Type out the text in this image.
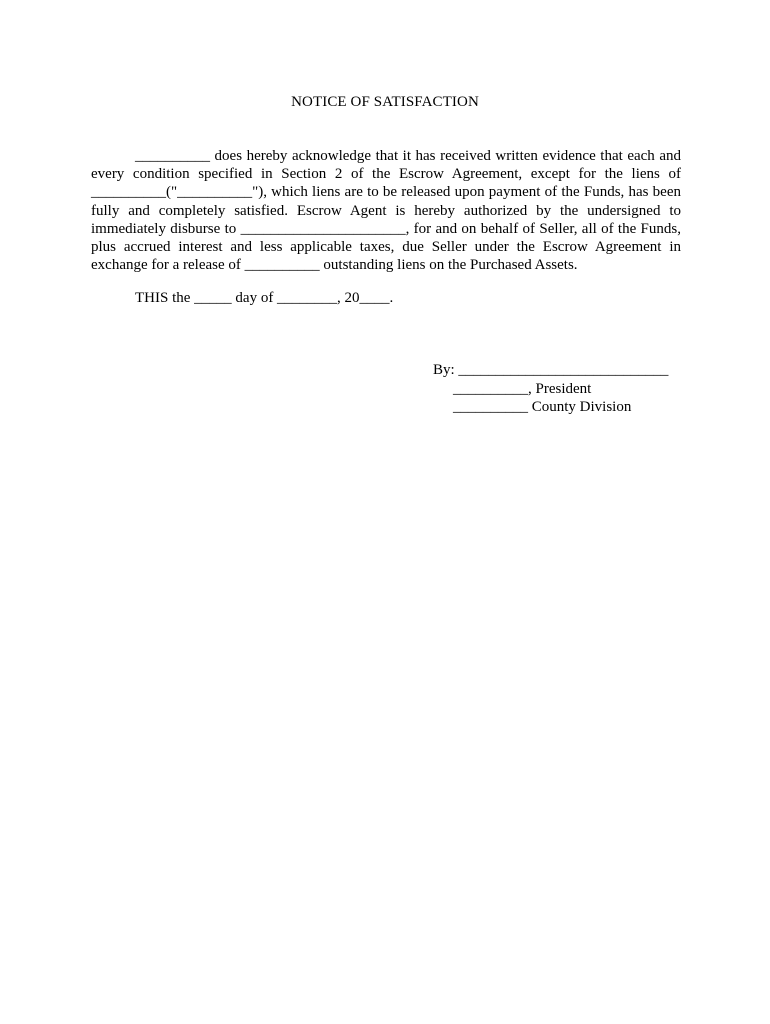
NOTICE OF SATISFACTION
__________ does hereby acknowledge that it has received written evidence that each and
every condition specified in Section 2 of the Escrow Agreement, except for the liens of
__________("__________"), which liens are to be released upon payment of the Funds, has been
fully and completely satisfied. Escrow Agent is hereby authorized by the undersigned to
immediately disburse to ______________________, for and on behalf of Seller, all of the Funds,
plus accrued interest and less applicable taxes, due Seller under the Escrow Agreement in
exchange for a release of __________ outstanding liens on the Purchased Assets.
THIS the _____ day of ________, 20____.
By: ____________________________
__________, President
__________ County Division
